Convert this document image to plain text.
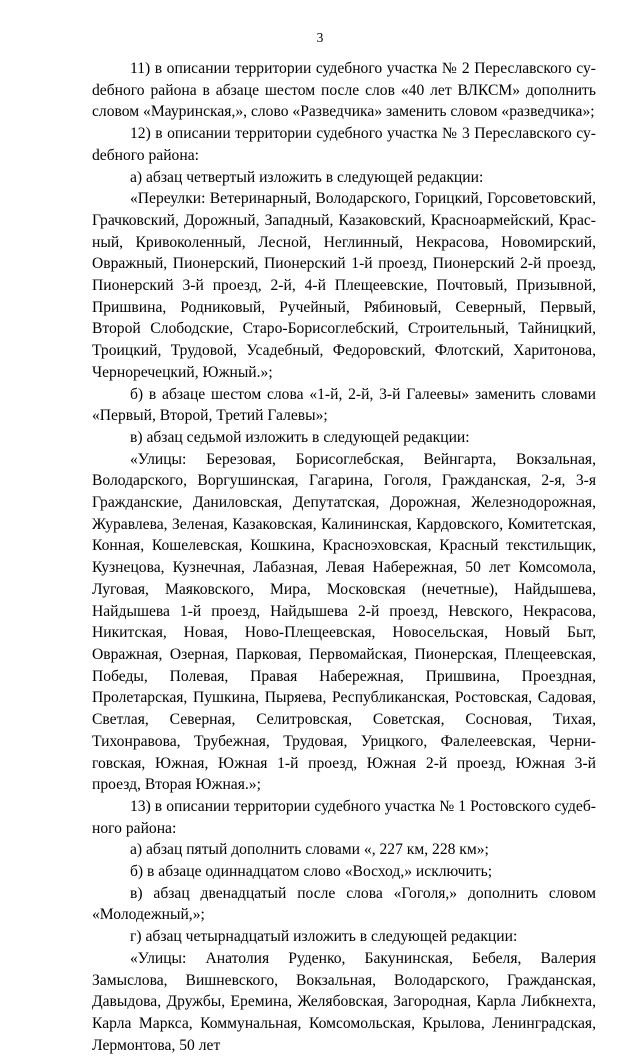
3

11) в описании территории судебного участка № 2 Переславского суdебного района в абзаце шестом после слов «40 лет ВЛКСМ» дополнить словом «Мауринская,», слово «Разведчика» заменить словом «разведчика»;

12) в описании территории судебного участка № 3 Переславского суdебного района:

а) абзац четвертый изложить в следующей редакции:

«Переулки: Ветеринарный, Володарского, Горицкий, Горсоветовский, Грачковский, Дорожный, Западный, Казаковский, Красноармейский, Красный, Кривоколенный, Лесной, Неглинный, Некрасова, Новомирский, Овражный, Пионерский, Пионерский 1-й проезд, Пионерский 2-й проезд, Пионерский 3-й проезд, 2-й, 4-й Плещеевские, Почтовый, Призывной, Пришвина, Родниковый, Ручейный, Рябиновый, Северный, Первый, Второй Слободские, Старо-Борисоглебский, Строительный, Тайницкий, Троицкий, Трудовой, Усадебный, Федоровский, Флотский, Харитонова, Черноречецкий, Южный.»;

б) в абзаце шестом слова «1-й, 2-й, 3-й Галеевы» заменить словами «Первый, Второй, Третий Галевы»;

в) абзац седьмой изложить в следующей редакции:

«Улицы: Березовая, Борисоглебская, Вейнгарта, Вокзальная, Володарского, Воргушинская, Гагарина, Гоголя, Гражданская, 2-я, 3-я Гражданские, Даниловская, Депутатская, Дорожная, Железнодорожная, Журавлева, Зеленая, Казаковская, Калининская, Кардовского, Комитетская, Конная, Кошелевская, Кошкина, Красноэховская, Красный текстильщик, Кузнецова, Кузнечная, Лабазная, Левая Набережная, 50 лет Комсомола, Луговая, Маяковского, Мира, Московская (нечетные), Найдышева, Найдышева 1-й проезд, Найдышева 2-й проезд, Невского, Некрасова, Никитская, Новая, Ново-Плещеевская, Новосельская, Новый Быт, Овражная, Озерная, Парковая, Первомайская, Пионерская, Плещеевская, Победы, Полевая, Правая Набережная, Пришвина, Проездная, Пролетарская, Пушкина, Пыряева, Республиканская, Ростовская, Садовая, Светлая, Северная, Селитровская, Советская, Сосновая, Тихая, Тихонравова, Трубежная, Трудовая, Урицкого, Фалелеевская, Черниговская, Южная, Южная 1-й проезд, Южная 2-й проезд, Южная 3-й проезд, Вторая Южная.»;

13) в описании территории судебного участка № 1 Ростовского судебного района:

а) абзац пятый дополнить словами «, 227 км, 228 км»;

б) в абзаце одиннадцатом слово «Восход,» исключить;

в) абзац двенадцатый после слова «Гоголя,» дополнить словом «Молодежный,»;

г) абзац четырнадцатый изложить в следующей редакции:

«Улицы: Анатолия Руденко, Бакунинская, Бебеля, Валерия Замыслова, Вишневского, Вокзальная, Володарского, Гражданская, Давыдова, Дружбы, Еремина, Желябовская, Загородная, Карла Либкнехта, Карла Маркса, Коммунальная, Комсомольская, Крылова, Ленинградская, Лермонтова, 50 лет
